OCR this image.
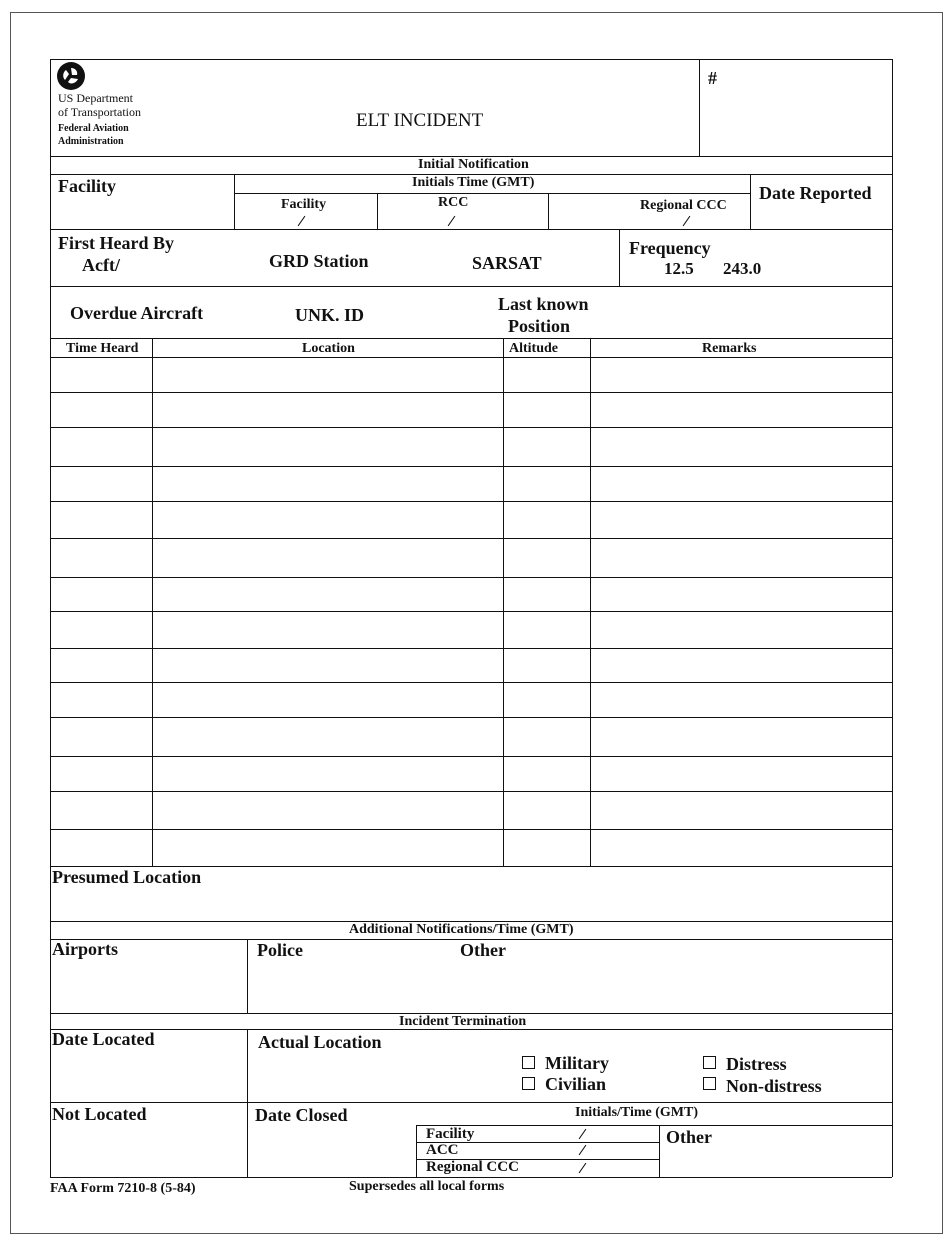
US Department
of Transportation
Federal Aviation
Administration
ELT INCIDENT
#
Initial Notification
Facility	Initials Time (GMT)
Facility	RCC	Regional CCC
Date Reported
First Heard By
Acft/	GRD Station	SARSAT
Frequency
12.5 243.0
Overdue Aircraft	UNK. ID
Last known
Position
Time Heard	Location	Altitude	Remarks
Presumed Location
Additional Notifications/Time (GMT)
Airports	Police	Other
Incident Termination
Date Located	Actual Location
Military
Civilian
Distress
Non-distress
Not Located	Date Closed	Initials/Time (GMT)
Facility
ACC
Regional CCC
Other
FAA Form 7210-8 (5-84)	Supersedes all local forms
